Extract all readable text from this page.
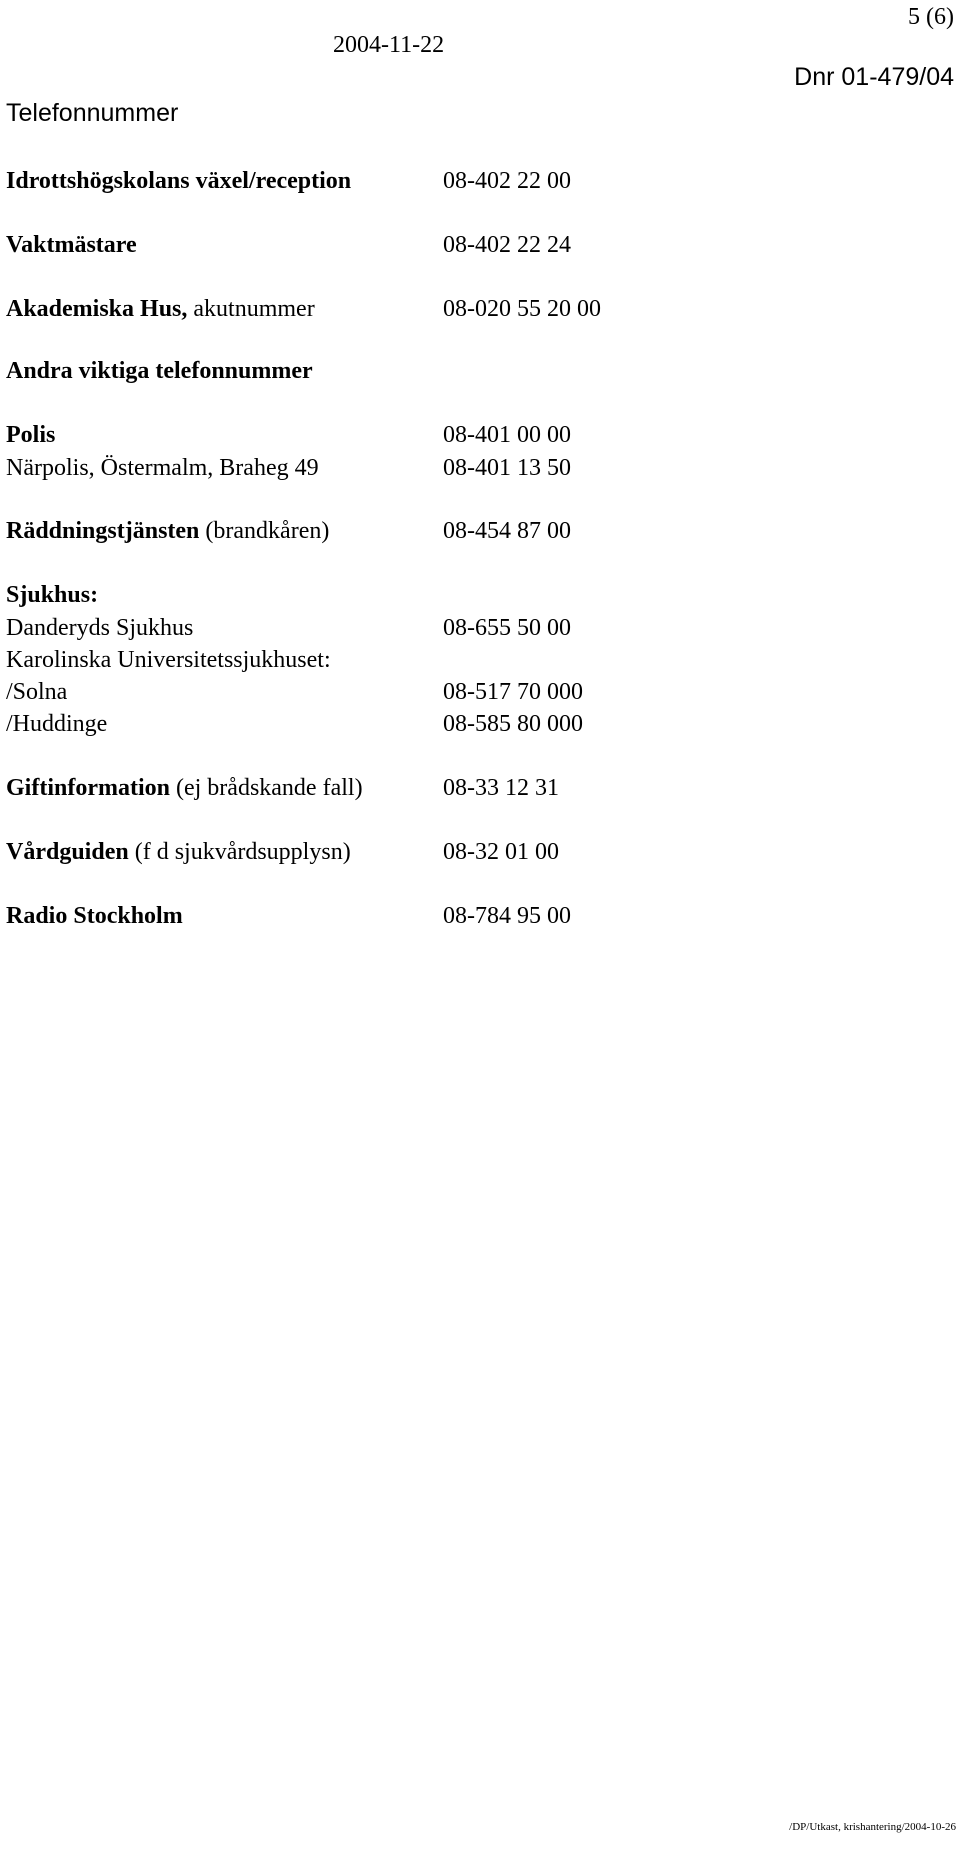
5 (6)
2004-11-22
Dnr 01-479/04
Telefonnummer
Idrottshögskolans växel/reception	08-402 22 00
Vaktmästare	08-402 22 24
Akademiska Hus, akutnummer	08-020 55 20 00
Andra viktiga telefonnummer
Polis	08-401 00 00
Närpolis, Östermalm, Braheg 49	08-401 13 50
Räddningstjänsten (brandkåren)	08-454 87 00
Sjukhus:
Danderyds Sjukhus	08-655 50 00
Karolinska Universitetssjukhuset:
/Solna	08-517 70 000
/Huddinge	08-585 80 000
Giftinformation (ej brådskande fall)	08-33 12 31
Vårdguiden (f d sjukvårdsupplysn)	08-32 01 00
Radio Stockholm	08-784 95 00
/DP/Utkast, krishantering/2004-10-26
